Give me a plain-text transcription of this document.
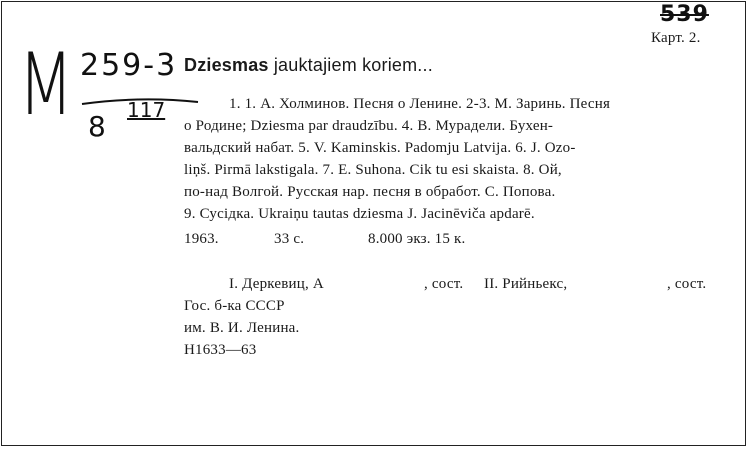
539
M 259-3
8 117
Карт. 2.
Dziesmas jauktajiem koriem...
1. 1. А. Холминов. Песня о Ленине. 2-3. М. Заринь. Песня
о Родине; Dziesma par draudzību. 4. В. Мурадели. Бухен-
вальдский набат. 5. V. Kaminskis. Padomju Latvija. 6. J. Ozo-
liņš. Pirmā lakstigala. 7. E. Suhona. Cik tu esi skaista. 8. Ой,
по-над Волгой. Русская нар. песня в обработ. С. Попова.
9. Сусідка. Ukraiņu tautas dziesma J. Jacinēviča apdarē.
1963.	33 с.	8.000 экз. 15 к.
I. Деркевиц, А	, сост. II. Рийньекс,	, сост.
Гос. б-ка СССР
им. В. И. Ленина.
Н1633—63
